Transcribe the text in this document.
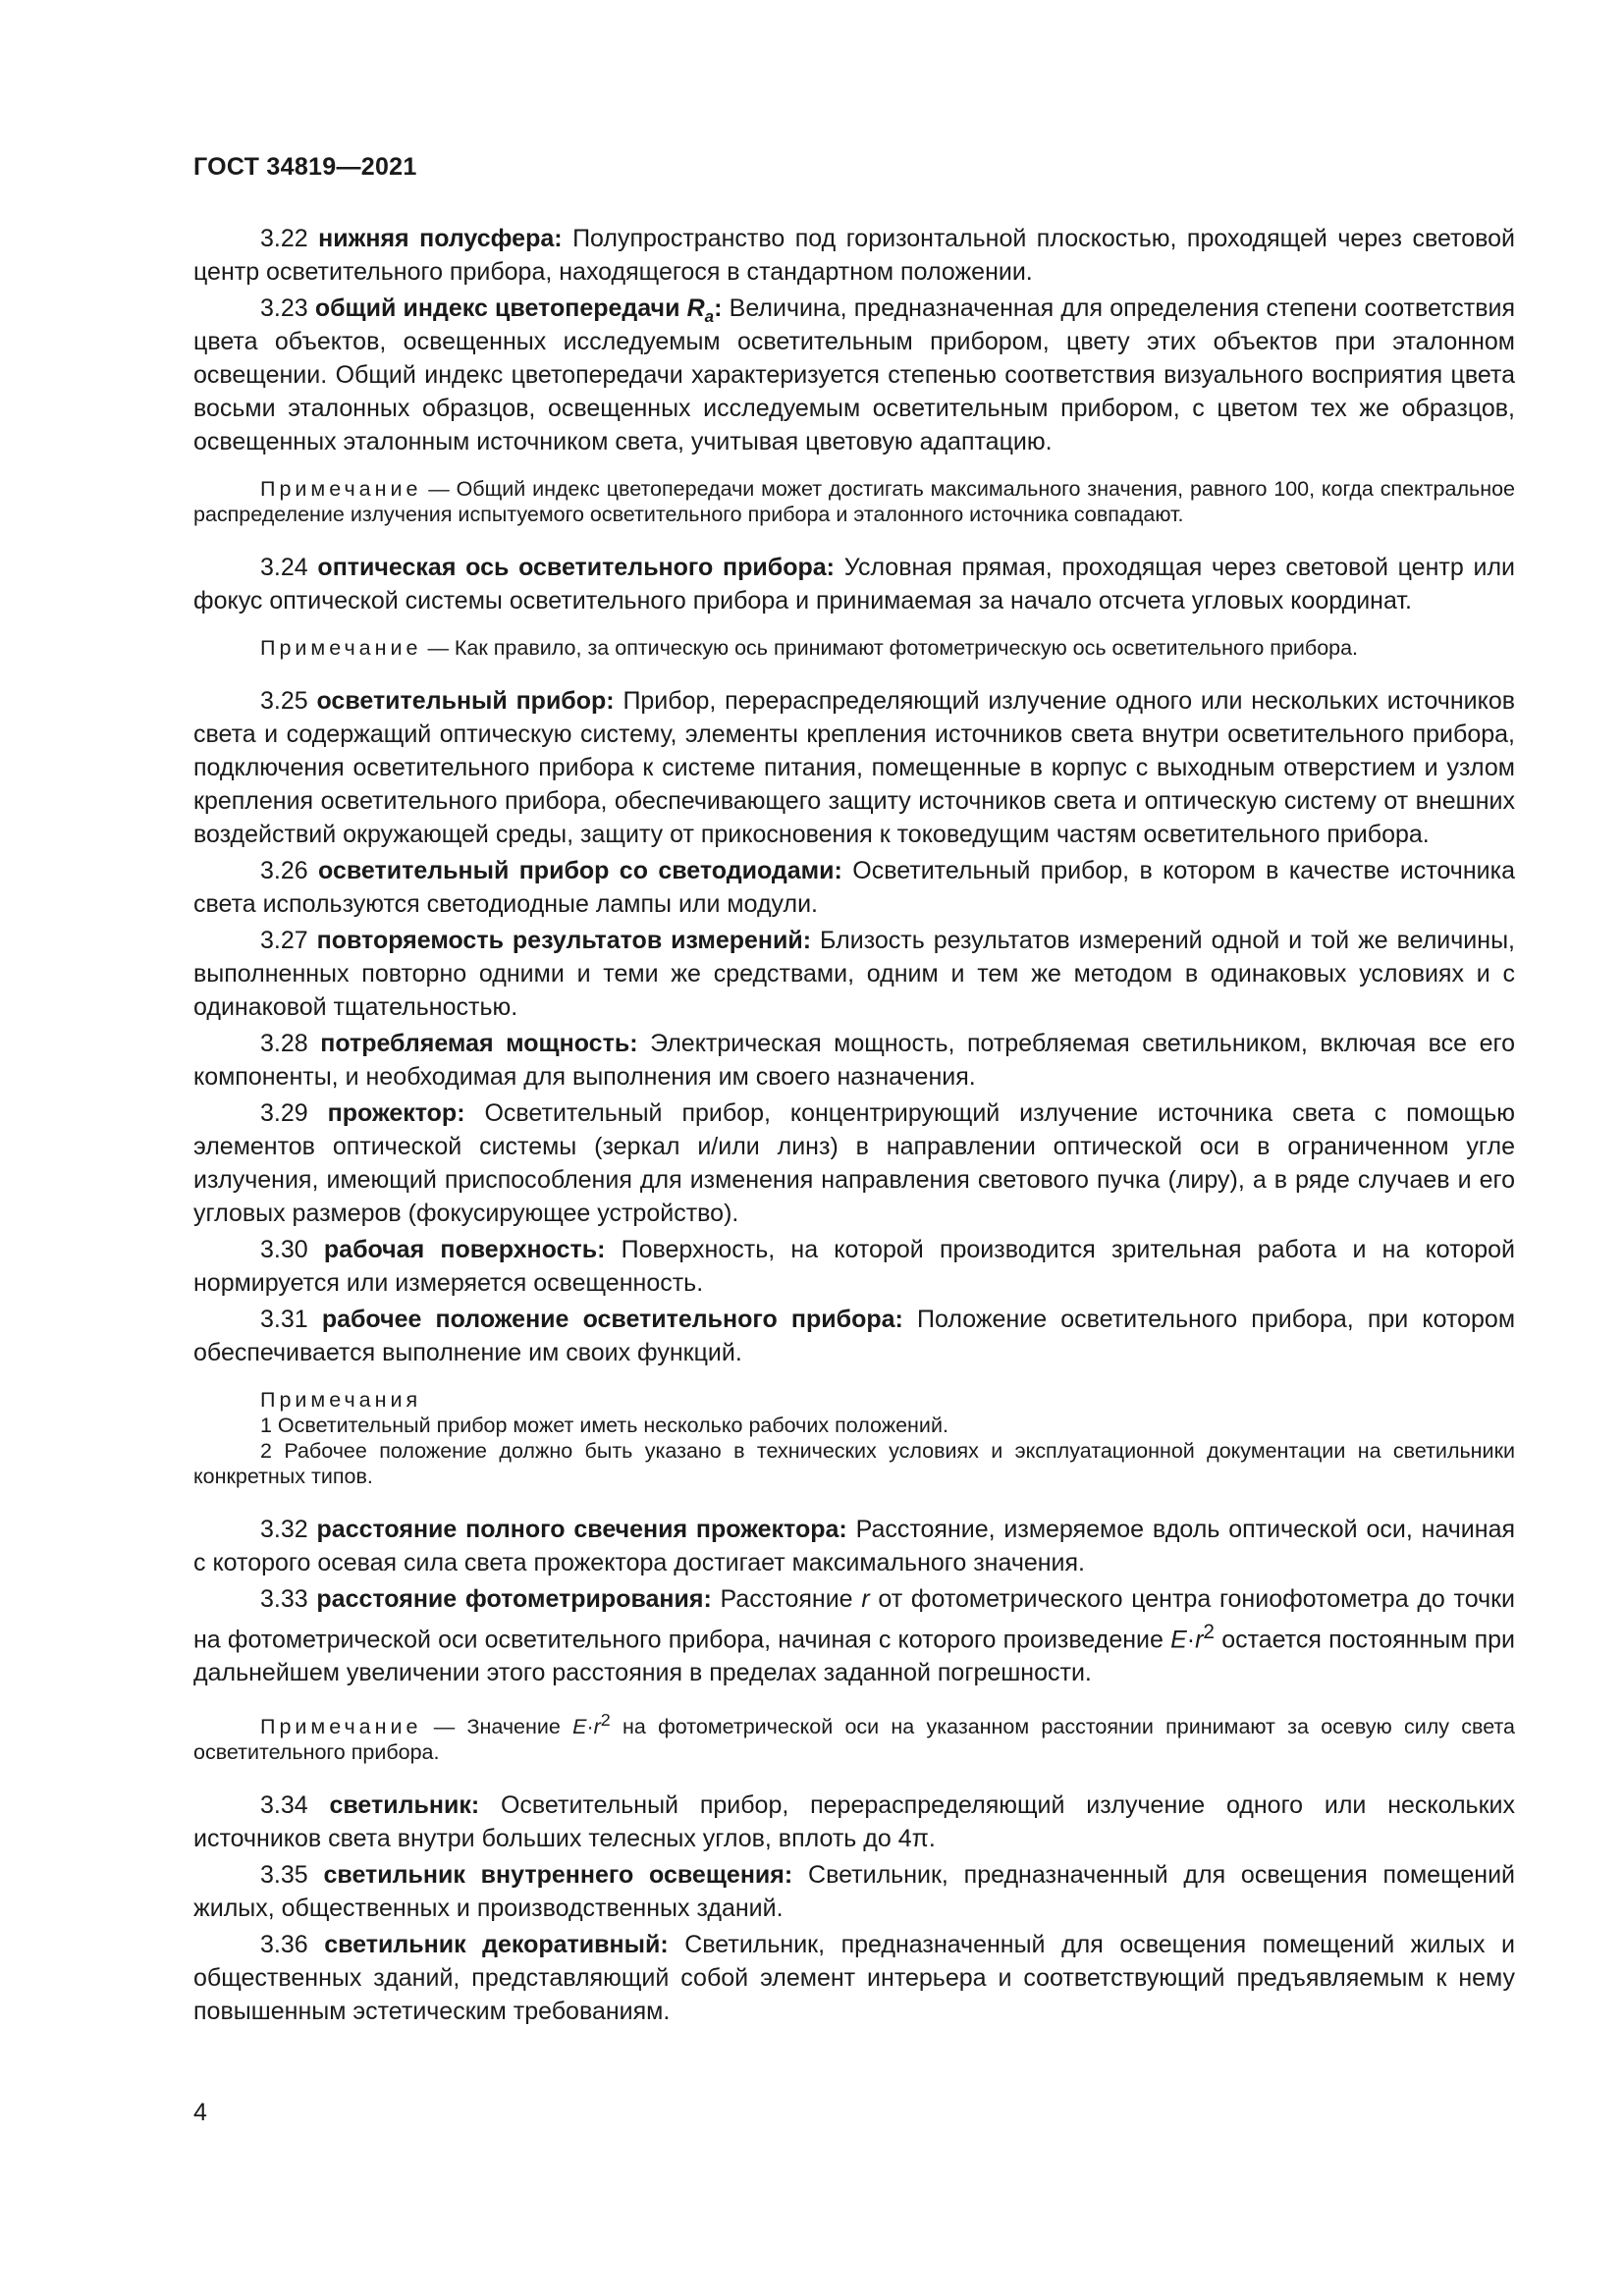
ГОСТ 34819—2021

3.22 нижняя полусфера: Полупространство под горизонтальной плоскостью, проходящей через световой центр осветительного прибора, находящегося в стандартном положении.

3.23 общий индекс цветопередачи $R_a$: Величина, предназначенная для определения степени соответствия цвета объектов, освещенных исследуемым осветительным прибором, цвету этих объектов при эталонном освещении. Общий индекс цветопередачи характеризуется степенью соответствия визуального восприятия цвета восьми эталонных образцов, освещенных исследуемым осветительным прибором, с цветом тех же образцов, освещенных эталонным источником света, учитывая цветовую адаптацию.

Примечание — Общий индекс цветопередачи может достигать максимального значения, равного 100, когда спектральное распределение излучения испытуемого осветительного прибора и эталонного источника совпадают.

3.24 оптическая ось осветительного прибора: Условная прямая, проходящая через световой центр или фокус оптической системы осветительного прибора и принимаемая за начало отсчета угловых координат.

Примечание — Как правило, за оптическую ось принимают фотометрическую ось осветительного прибора.

3.25 осветительный прибор: Прибор, перераспределяющий излучение одного или нескольких источников света и содержащий оптическую систему, элементы крепления источников света внутри осветительного прибора, подключения осветительного прибора к системе питания, помещенные в корпус с выходным отверстием и узлом крепления осветительного прибора, обеспечивающего защиту источников света и оптическую систему от внешних воздействий окружающей среды, защиту от прикосновения к токоведущим частям осветительного прибора.

3.26 осветительный прибор со светодиодами: Осветительный прибор, в котором в качестве источника света используются светодиодные лампы или модули.

3.27 повторяемость результатов измерений: Близость результатов измерений одной и той же величины, выполненных повторно одними и теми же средствами, одним и тем же методом в одинаковых условиях и с одинаковой тщательностью.

3.28 потребляемая мощность: Электрическая мощность, потребляемая светильником, включая все его компоненты, и необходимая для выполнения им своего назначения.

3.29 прожектор: Осветительный прибор, концентрирующий излучение источника света с помощью элементов оптической системы (зеркал и/или линз) в направлении оптической оси в ограниченном угле излучения, имеющий приспособления для изменения направления светового пучка (лиру), а в ряде случаев и его угловых размеров (фокусирующее устройство).

3.30 рабочая поверхность: Поверхность, на которой производится зрительная работа и на которой нормируется или измеряется освещенность.

3.31 рабочее положение осветительного прибора: Положение осветительного прибора, при котором обеспечивается выполнение им своих функций.

Примечания
1 Осветительный прибор может иметь несколько рабочих положений.
2 Рабочее положение должно быть указано в технических условиях и эксплуатационной документации на светильники конкретных типов.

3.32 расстояние полного свечения прожектора: Расстояние, измеряемое вдоль оптической оси, начиная с которого осевая сила света прожектора достигает максимального значения.

3.33 расстояние фотометрирования: Расстояние r от фотометрического центра гониофотометра до точки на фотометрической оси осветительного прибора, начиная с которого произведение $E\cdot r^2$ остается постоянным при дальнейшем увеличении этого расстояния в пределах заданной погрешности.

Примечание — Значение $E\cdot r^2$ на фотометрической оси на указанном расстоянии принимают за осевую силу света осветительного прибора.

3.34 светильник: Осветительный прибор, перераспределяющий излучение одного или нескольких источников света внутри больших телесных углов, вплоть до 4π.

3.35 светильник внутреннего освещения: Светильник, предназначенный для освещения помещений жилых, общественных и производственных зданий.

3.36 светильник декоративный: Светильник, предназначенный для освещения помещений жилых и общественных зданий, представляющий собой элемент интерьера и соответствующий предъявляемым к нему повышенным эстетическим требованиям.

4
